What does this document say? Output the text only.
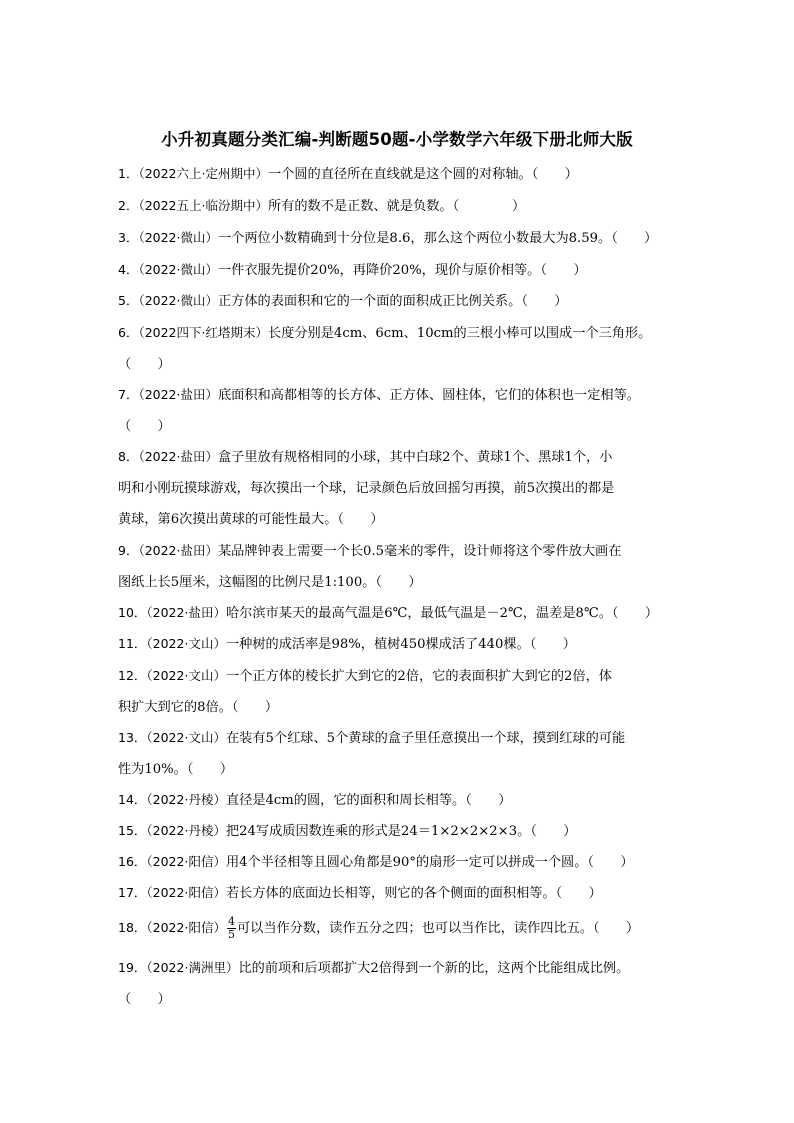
小升初真题分类汇编-判断题50题-小学数学六年级下册北师大版
1．（2022六上·定州期中）一个圆的直径所在直线就是这个圆的对称轴。（　　）
2．（2022五上·临汾期中）所有的数不是正数、就是负数。（　　　　）
3．（2022·微山）一个两位小数精确到十分位是8.6，那么这个两位小数最大为8.59。（　　）
4．（2022·微山）一件衣服先提价20%，再降价20%，现价与原价相等。（　　）
5．（2022·微山）正方体的表面积和它的一个面的面积成正比例关系。（　　）
6．（2022四下·红塔期末）长度分别是4cm、6cm、10cm的三根小棒可以围成一个三角形。
（　　）
7．（2022·盐田）底面积和高都相等的长方体、正方体、圆柱体，它们的体积也一定相等。
（　　）
8．（2022·盐田）盒子里放有规格相同的小球，其中白球2个、黄球1个、黑球1个，小
明和小刚玩摸球游戏，每次摸出一个球，记录颜色后放回摇匀再摸，前5次摸出的都是
黄球，第6次摸出黄球的可能性最大。（　　）
9．（2022·盐田）某品牌钟表上需要一个长0.5毫米的零件，设计师将这个零件放大画在
图纸上长5厘米，这幅图的比例尺是1:100。（　　）
10．（2022·盐田）哈尔滨市某天的最高气温是6℃，最低气温是－2℃，温差是8℃。（　　）
11．（2022·文山）一种树的成活率是98%，植树450棵成活了440棵。（　　）
12．（2022·文山）一个正方体的棱长扩大到它的2倍，它的表面积扩大到它的2倍，体
积扩大到它的8倍。（　　）
13．（2022·文山）在装有5个红球、5个黄球的盒子里任意摸出一个球，摸到红球的可能
性为10%。（　　）
14．（2022·丹棱）直径是4cm的圆，它的面积和周长相等。（　　）
15．（2022·丹棱）把24写成质因数连乘的形式是24＝1×2×2×2×3。（　　）
16．（2022·阳信）用4个半径相等且圆心角都是90°的扇形一定可以拼成一个圆。（　　）
17．（2022·阳信）若长方体的底面边长相等，则它的各个侧面的面积相等。（　　）
18．（2022·阳信） $\frac{4}{5}$ 可以当作分数，读作五分之四；也可以当作比，读作四比五。（　　）
19．（2022·满洲里）比的前项和后项都扩大2倍得到一个新的比，这两个比能组成比例。
（　　）
